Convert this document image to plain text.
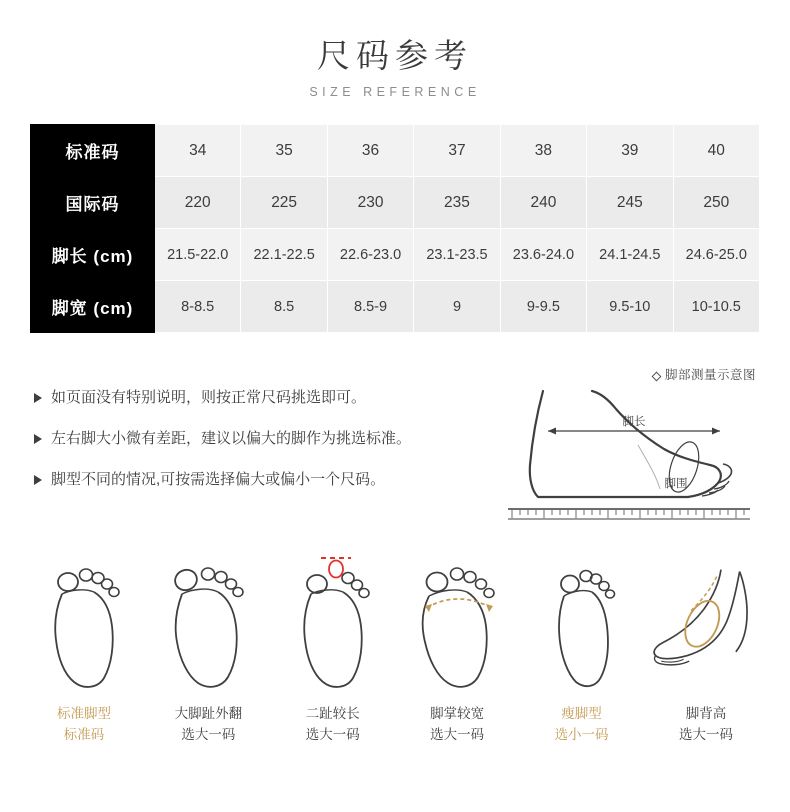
尺码参考
SIZE REFERENCE
标准码	34	35	36	37	38	39	40
国际码	220	225	230	235	240	245	250
脚长 (cm)	21.5-22.0	22.1-22.5	22.6-23.0	23.1-23.5	23.6-24.0	24.1-24.5	24.6-25.0
脚宽 (cm)	8-8.5	8.5	8.5-9	9	9-9.5	9.5-10	10-10.5
如页面没有特别说明，则按正常尺码挑选即可。
左右脚大小微有差距，建议以偏大的脚作为挑选标准。
脚型不同的情况,可按需选择偏大或偏小一个尺码。
脚部测量示意图
脚长
脚围
标准脚型
标准码
大脚趾外翻
选大一码
二趾较长
选大一码
脚掌较宽
选大一码
瘦脚型
选小一码
脚背高
选大一码
